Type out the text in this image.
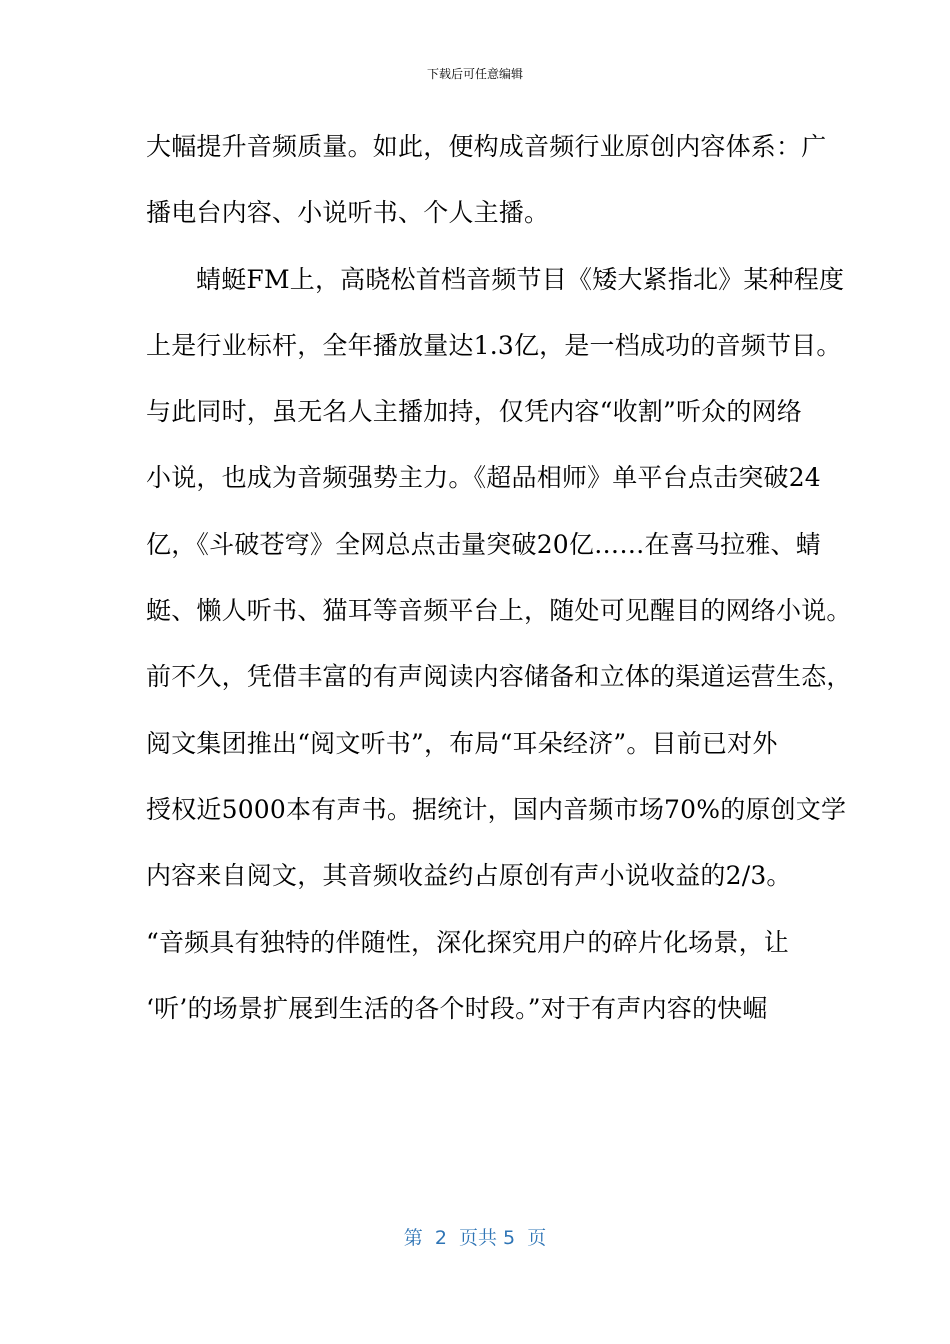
下载后可任意编辑
大幅提升音频质量。如此，便构成音频行业原创内容体系：广
播电台内容、小说听书、个人主播。
蜻蜓FM上，高晓松首档音频节目《矮大紧指北》某种程度
上是行业标杆，全年播放量达1.3亿，是一档成功的音频节目。
与此同时，虽无名人主播加持，仅凭内容“收割”听众的网络
小说，也成为音频强势主力。《超品相师》单平台点击突破24
亿，《斗破苍穹》全网总点击量突破20亿……在喜马拉雅、蜻
蜓、懒人听书、猫耳等音频平台上，随处可见醒目的网络小说。
前不久，凭借丰富的有声阅读内容储备和立体的渠道运营生态，
阅文集团推出“阅文听书”，布局“耳朵经济”。目前已对外
授权近5000本有声书。据统计，国内音频市场70%的原创文学
内容来自阅文，其音频收益约占原创有声小说收益的2/3。
“音频具有独特的伴随性，深化探究用户的碎片化场景，让
‘听’的场景扩展到生活的各个时段。”对于有声内容的快崛
第  2  页共 5  页
